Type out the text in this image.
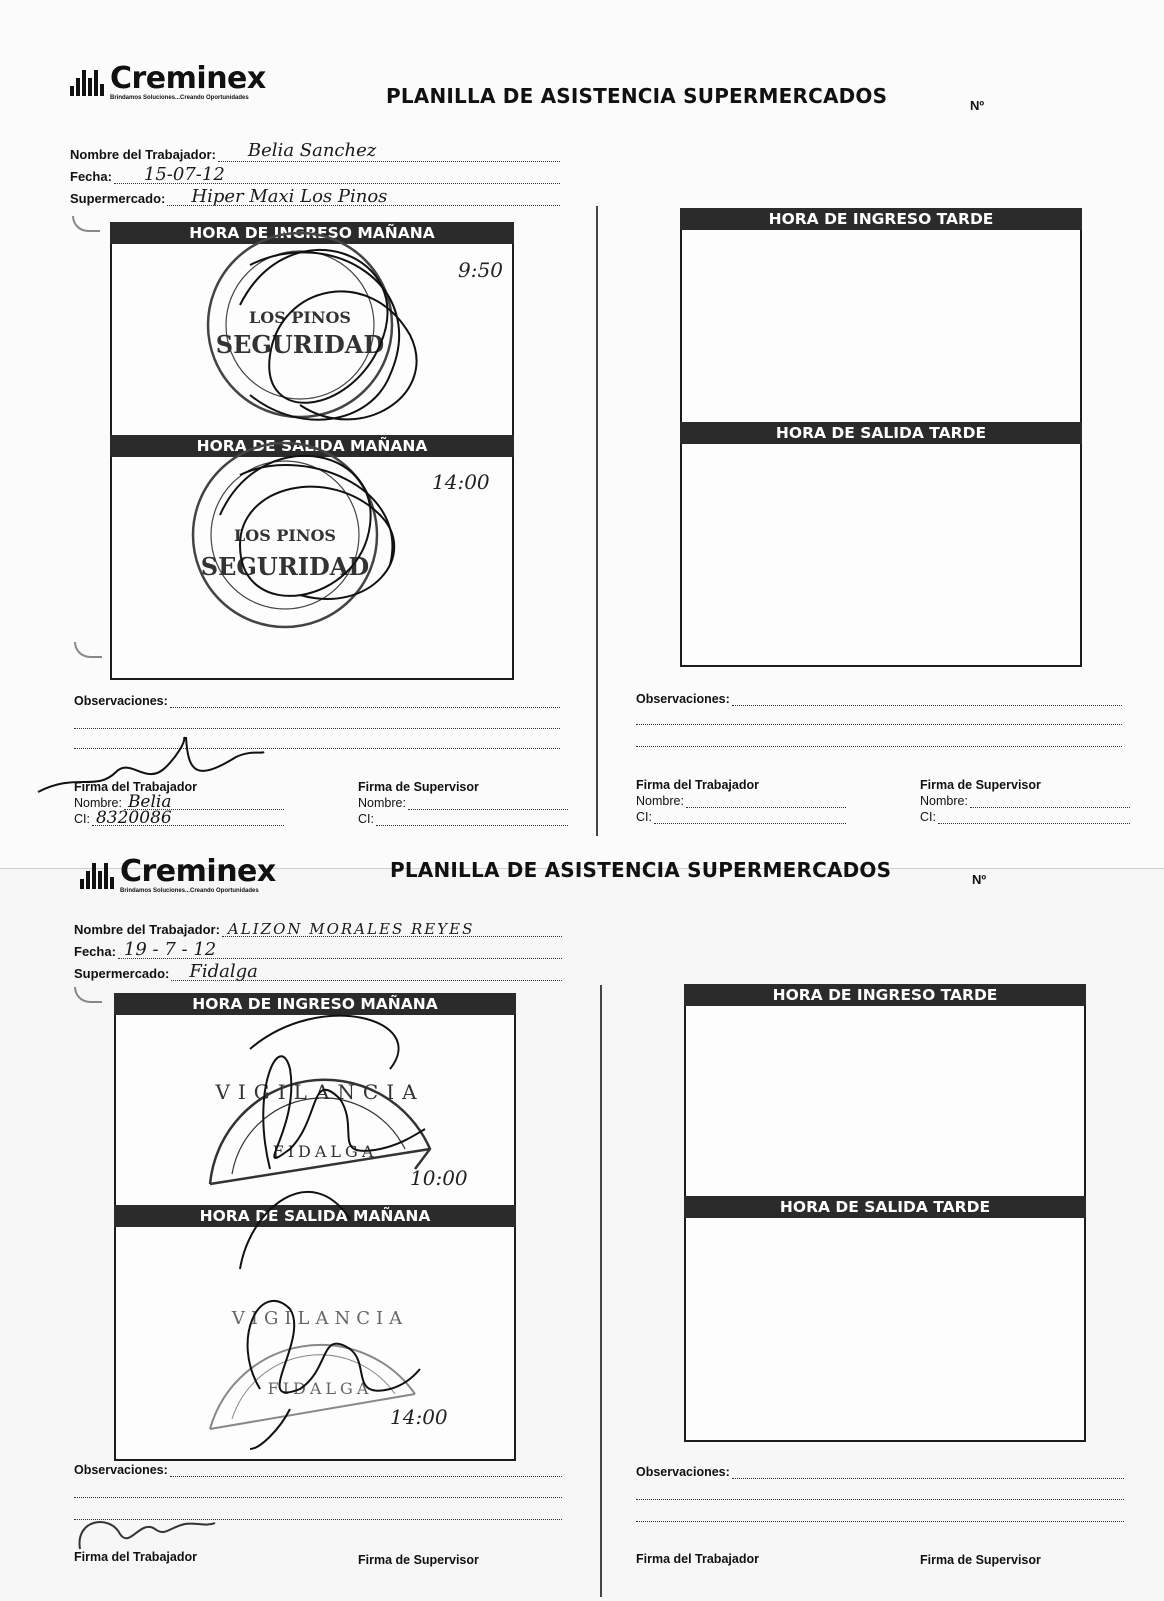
Creminex
Brindamos Soluciones...Creando Oportunidades	PLANILLA DE ASISTENCIA SUPERMERCADOS	Nº
Nombre del Trabajador: Belia Sanchez
Fecha: 15-07-12
Supermercado: Hiper Maxi Los Pinos
HORA DE INGRESO MAÑANA
HORA DE SALIDA MAÑANA
9:50
14:00
LOS PINOS
SEGURIDAD
LOS PINOS
SEGURIDAD
HORA DE INGRESO TARDE
HORA DE SALIDA TARDE
Observaciones:	Observaciones:
Firma del Trabajador
Nombre: Belia
CI: 8320086
Firma de Supervisor
Nombre:
CI:
Firma del Trabajador
Nombre:
CI:
Firma de Supervisor
Nombre:
CI:
Creminex
Brindamos Soluciones...Creando Oportunidades
PLANILLA DE ASISTENCIA SUPERMERCADOS	Nº
Nombre del Trabajador: ALIZON MORALES REYES
Fecha: 19 - 7 - 12
Supermercado: Fidalga
HORA DE INGRESO MAÑANA
HORA DE SALIDA MAÑANA
10:00
14:00
VIGILANCIA
FIDALGA
VIGILANCIA
FIDALGA
HORA DE INGRESO TARDE
HORA DE SALIDA TARDE
Observaciones:	Observaciones:
Firma del Trabajador	Firma de Supervisor	Firma del Trabajador	Firma de Supervisor
